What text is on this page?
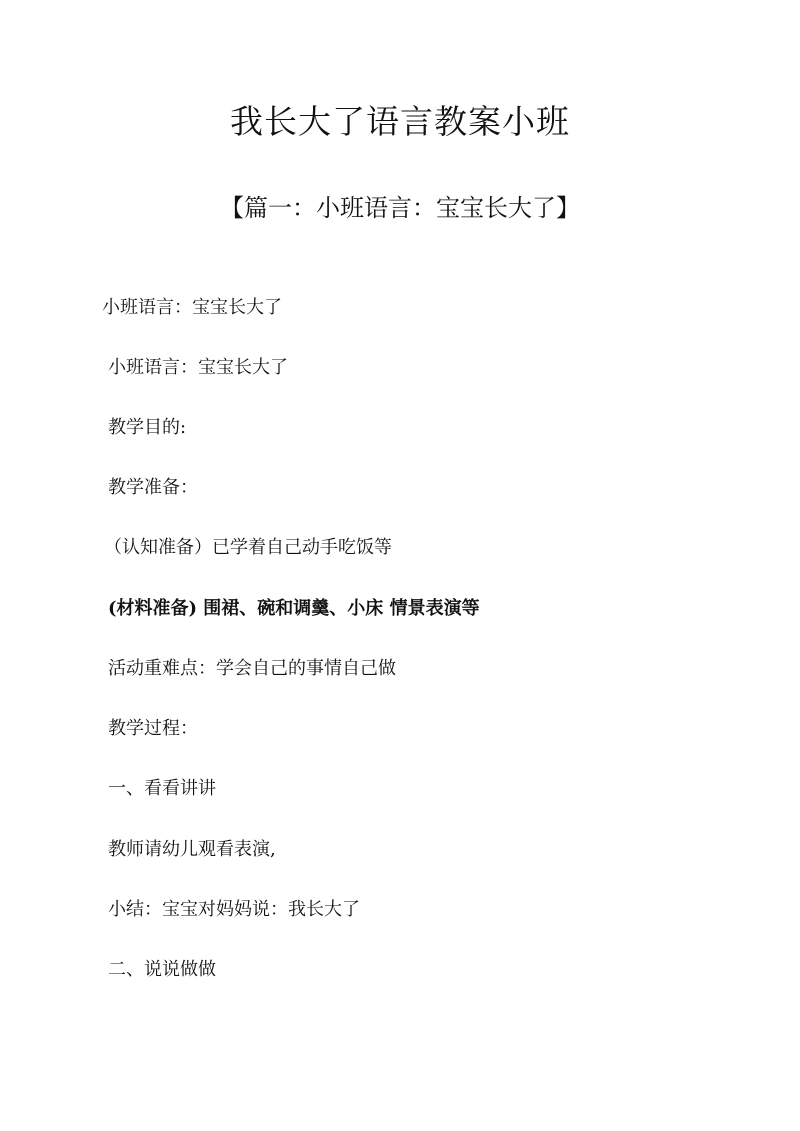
我长大了语言教案小班
【篇一：小班语言：宝宝长大了】
小班语言：宝宝长大了
小班语言：宝宝长大了
教学目的:
教学准备：
（认知准备）已学着自己动手吃饭等
(材料准备) 围裙、碗和调羹、小床 情景表演等
活动重难点：学会自己的事情自己做
教学过程：
一、看看讲讲
教师请幼儿观看表演,
小结：宝宝对妈妈说：我长大了
二、说说做做
